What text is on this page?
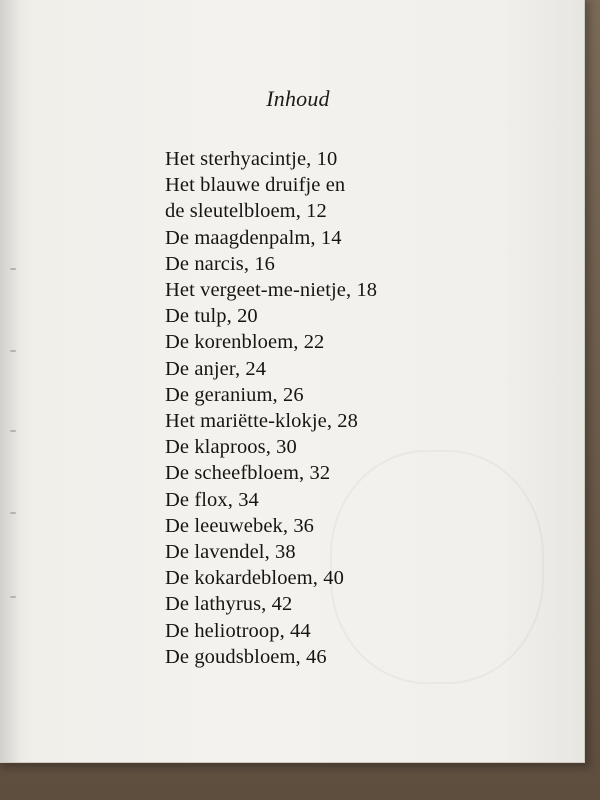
Inhoud
Het sterhyacintje, 10
Het blauwe druifje en
de sleutelbloem, 12
De maagdenpalm, 14
De narcis, 16
Het vergeet-me-nietje, 18
De tulp, 20
De korenbloem, 22
De anjer, 24
De geranium, 26
Het mariëtte-klokje, 28
De klaproos, 30
De scheefbloem, 32
De flox, 34
De leeuwebek, 36
De lavendel, 38
De kokardebloem, 40
De lathyrus, 42
De heliotroop, 44
De goudsbloem, 46
